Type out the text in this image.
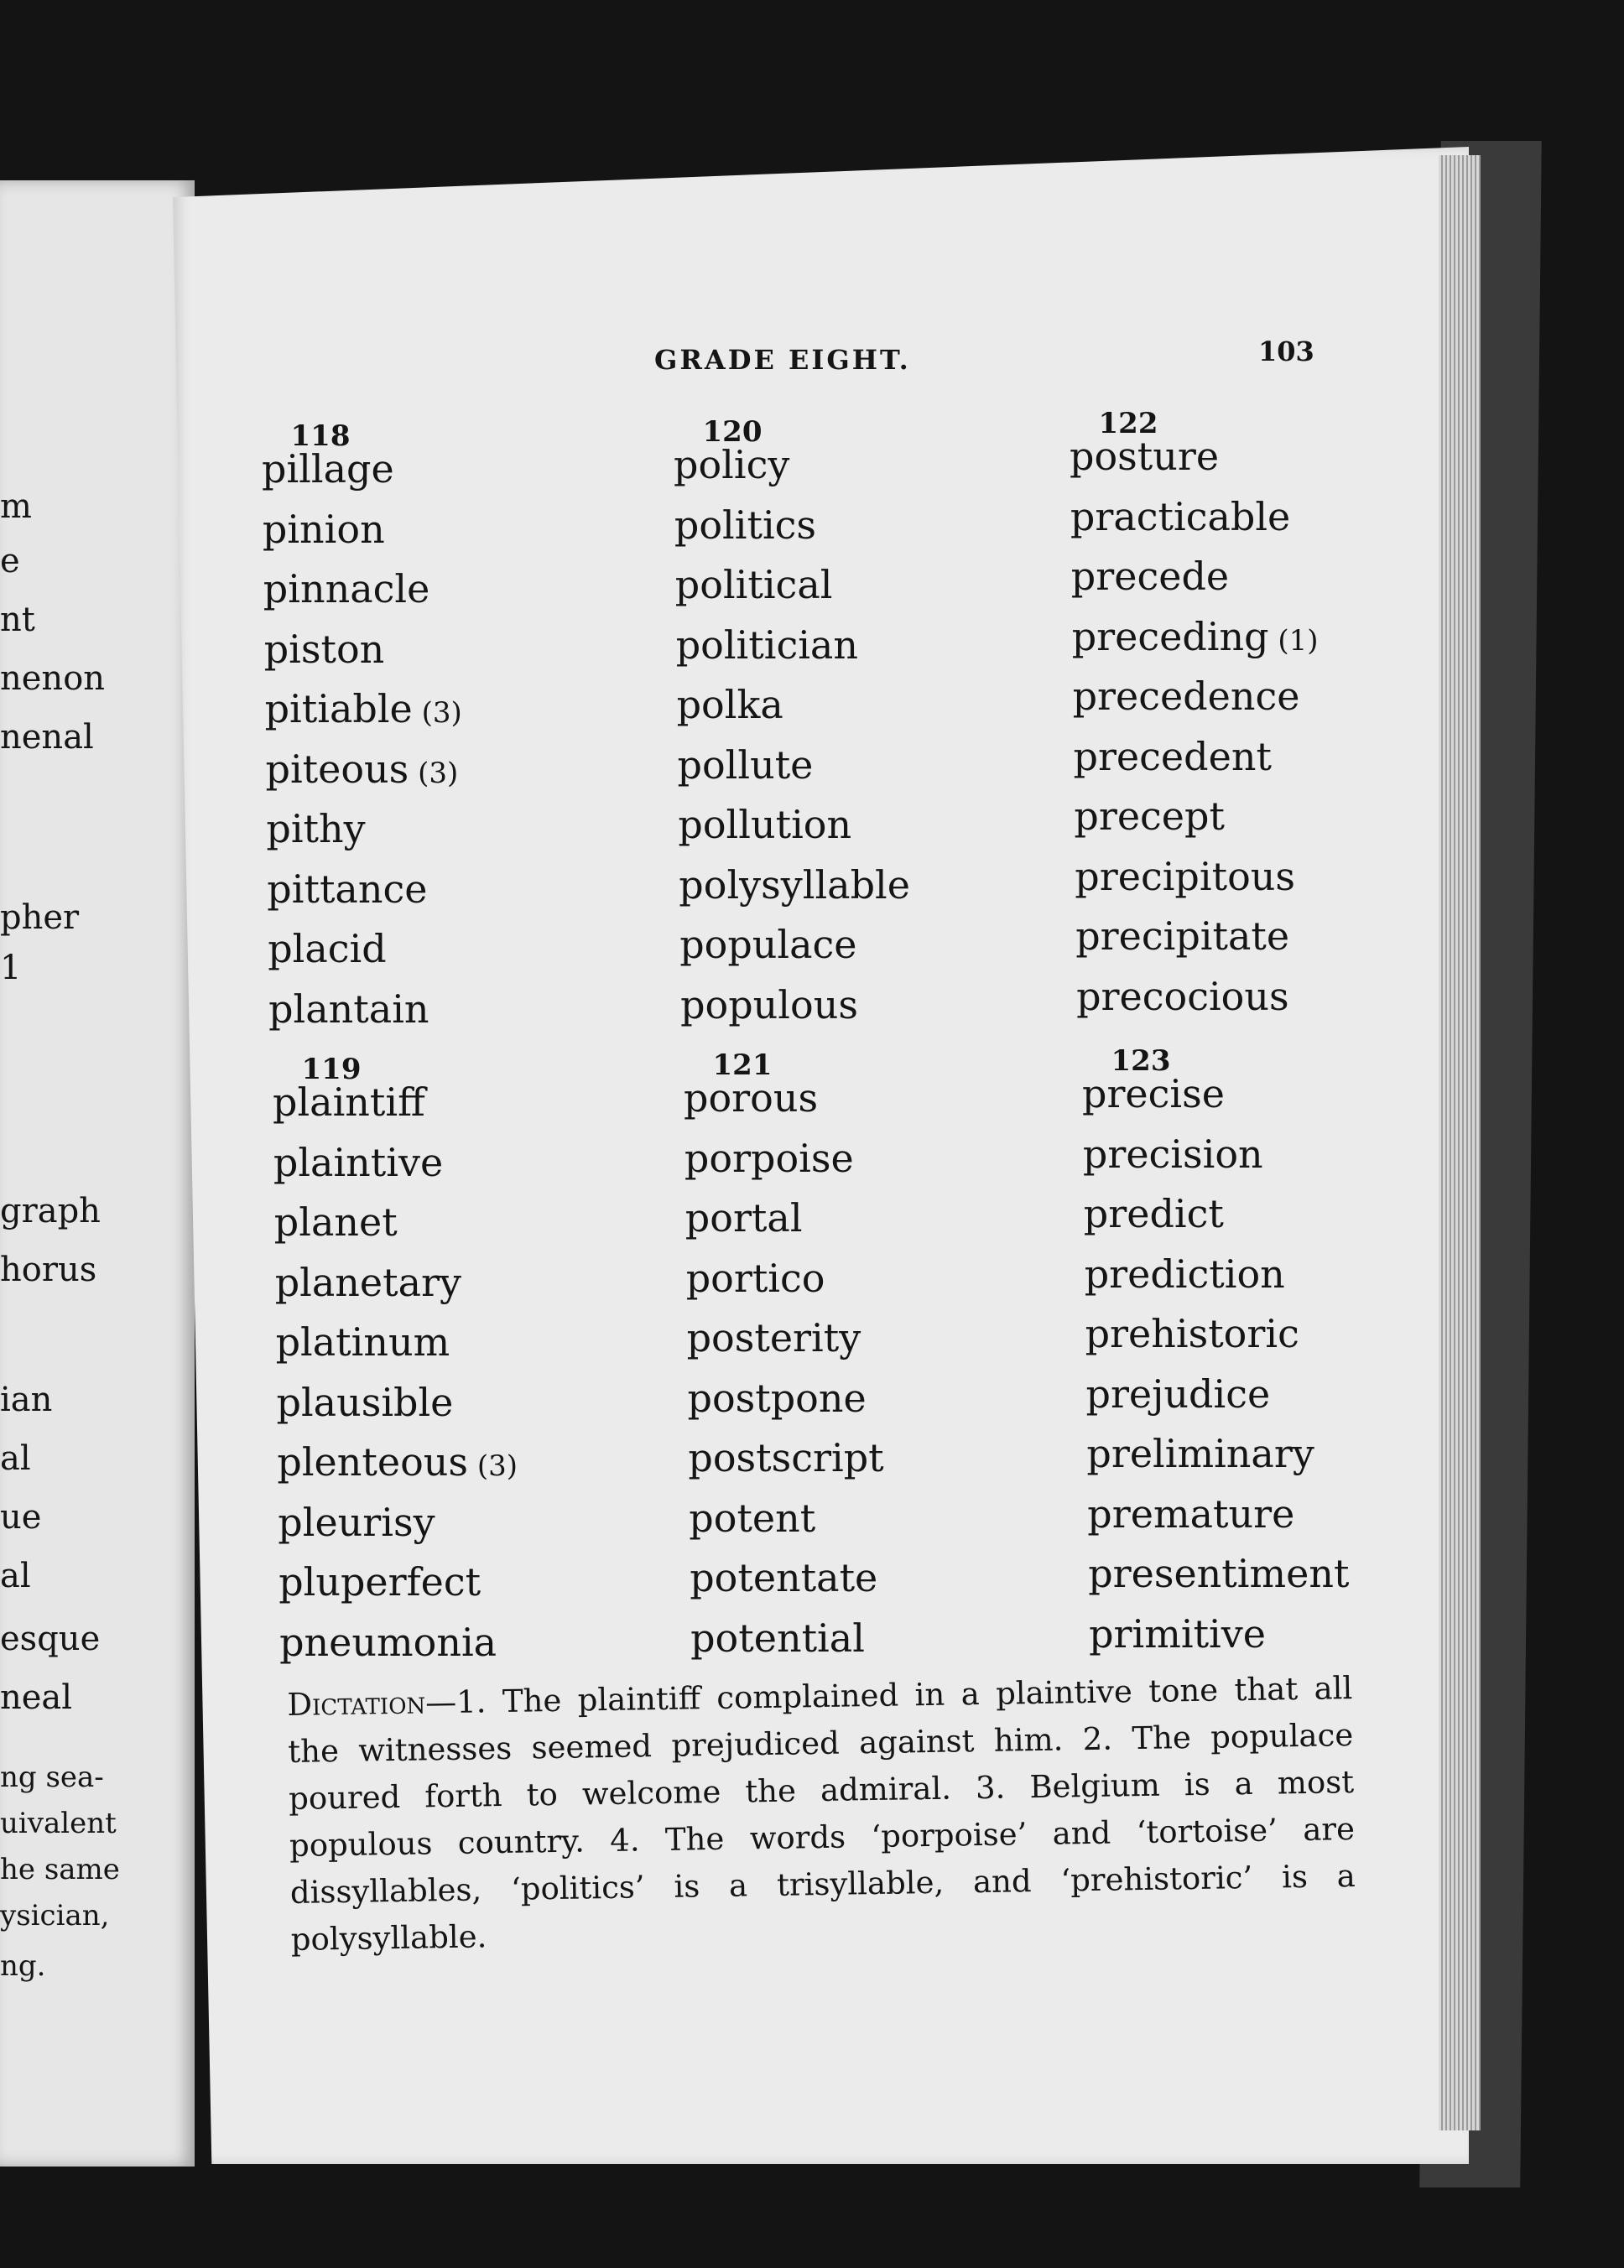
m
e
nt
nenon
nenal
pher
1
graph
horus
ian
al
ue
al
esque
neal
ng sea-
uivalent
he same
ysician,
ng.
GRADE EIGHT.	103
118
pillage
pinion
pinnacle
piston
pitiable (3)
piteous (3)
pithy
pittance
placid
plantain
119
plaintiff
plaintive
planet
planetary
platinum
plausible
plenteous (3)
pleurisy
pluperfect
pneumonia
120
policy
politics
political
politician
polka
pollute
pollution
polysyllable
populace
populous
121
porous
porpoise
portal
portico
posterity
postpone
postscript
potent
potentate
potential
122
posture
practicable
precede
preceding (1)
precedence
precedent
precept
precipitous
precipitate
precocious
123
precise
precision
predict
prediction
prehistoric
prejudice
preliminary
premature
presentiment
primitive
Dictation—1. The plaintiff complained in a plaintive tone that all the witnesses seemed prejudiced against him. 2. The populace poured forth to welcome the admiral. 3. Belgium is a most populous country. 4. The words ‘porpoise’ and ‘tortoise’ are dissyllables, ‘politics’ is a trisyllable, and ‘prehistoric’ is a polysyllable.
